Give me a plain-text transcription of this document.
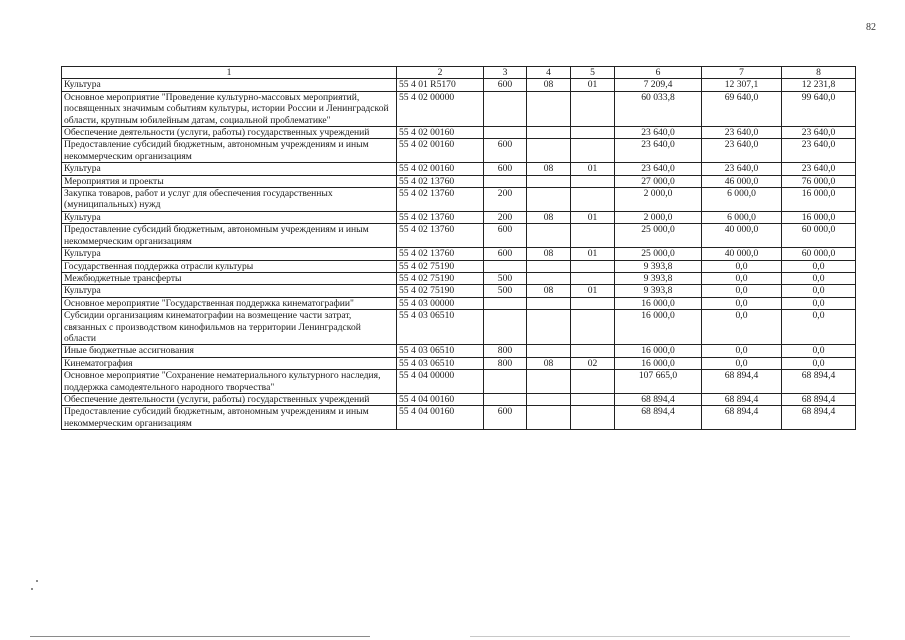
82
1	2	3	4	5	6	7	8
Культура	55 4 01 R5170	600	08	01	7 209,4	12 307,1	12 231,8
Основное мероприятие "Проведение культурно-массовых мероприятий, посвященных значимым событиям культуры, истории России и Ленинградской области, крупным юбилейным датам, социальной проблематике"	55 4 02 00000				60 033,8	69 640,0	99 640,0
Обеспечение деятельности (услуги, работы) государственных учреждений	55 4 02 00160				23 640,0	23 640,0	23 640,0
Предоставление субсидий бюджетным, автономным учреждениям и иным некоммерческим организациям	55 4 02 00160	600			23 640,0	23 640,0	23 640,0
Культура	55 4 02 00160	600	08	01	23 640,0	23 640,0	23 640,0
Мероприятия и проекты	55 4 02 13760				27 000,0	46 000,0	76 000,0
Закупка товаров, работ и услуг для обеспечения государственных (муниципальных) нужд	55 4 02 13760	200			2 000,0	6 000,0	16 000,0
Культура	55 4 02 13760	200	08	01	2 000,0	6 000,0	16 000,0
Предоставление субсидий бюджетным, автономным учреждениям и иным некоммерческим организациям	55 4 02 13760	600			25 000,0	40 000,0	60 000,0
Культура	55 4 02 13760	600	08	01	25 000,0	40 000,0	60 000,0
Государственная поддержка отрасли культуры	55 4 02 75190				9 393,8	0,0	0,0
Межбюджетные трансферты	55 4 02 75190	500			9 393,8	0,0	0,0
Культура	55 4 02 75190	500	08	01	9 393,8	0,0	0,0
Основное мероприятие "Государственная поддержка кинематографии"	55 4 03 00000				16 000,0	0,0	0,0
Субсидии организациям кинематографии на возмещение части затрат, связанных с производством кинофильмов на территории Ленинградской области	55 4 03 06510				16 000,0	0,0	0,0
Иные бюджетные ассигнования	55 4 03 06510	800			16 000,0	0,0	0,0
Кинематография	55 4 03 06510	800	08	02	16 000,0	0,0	0,0
Основное мероприятие "Сохранение нематериального культурного наследия, поддержка самодеятельного народного творчества"	55 4 04 00000				107 665,0	68 894,4	68 894,4
Обеспечение деятельности (услуги, работы) государственных учреждений	55 4 04 00160				68 894,4	68 894,4	68 894,4
Предоставление субсидий бюджетным, автономным учреждениям и иным некоммерческим организациям	55 4 04 00160	600			68 894,4	68 894,4	68 894,4
